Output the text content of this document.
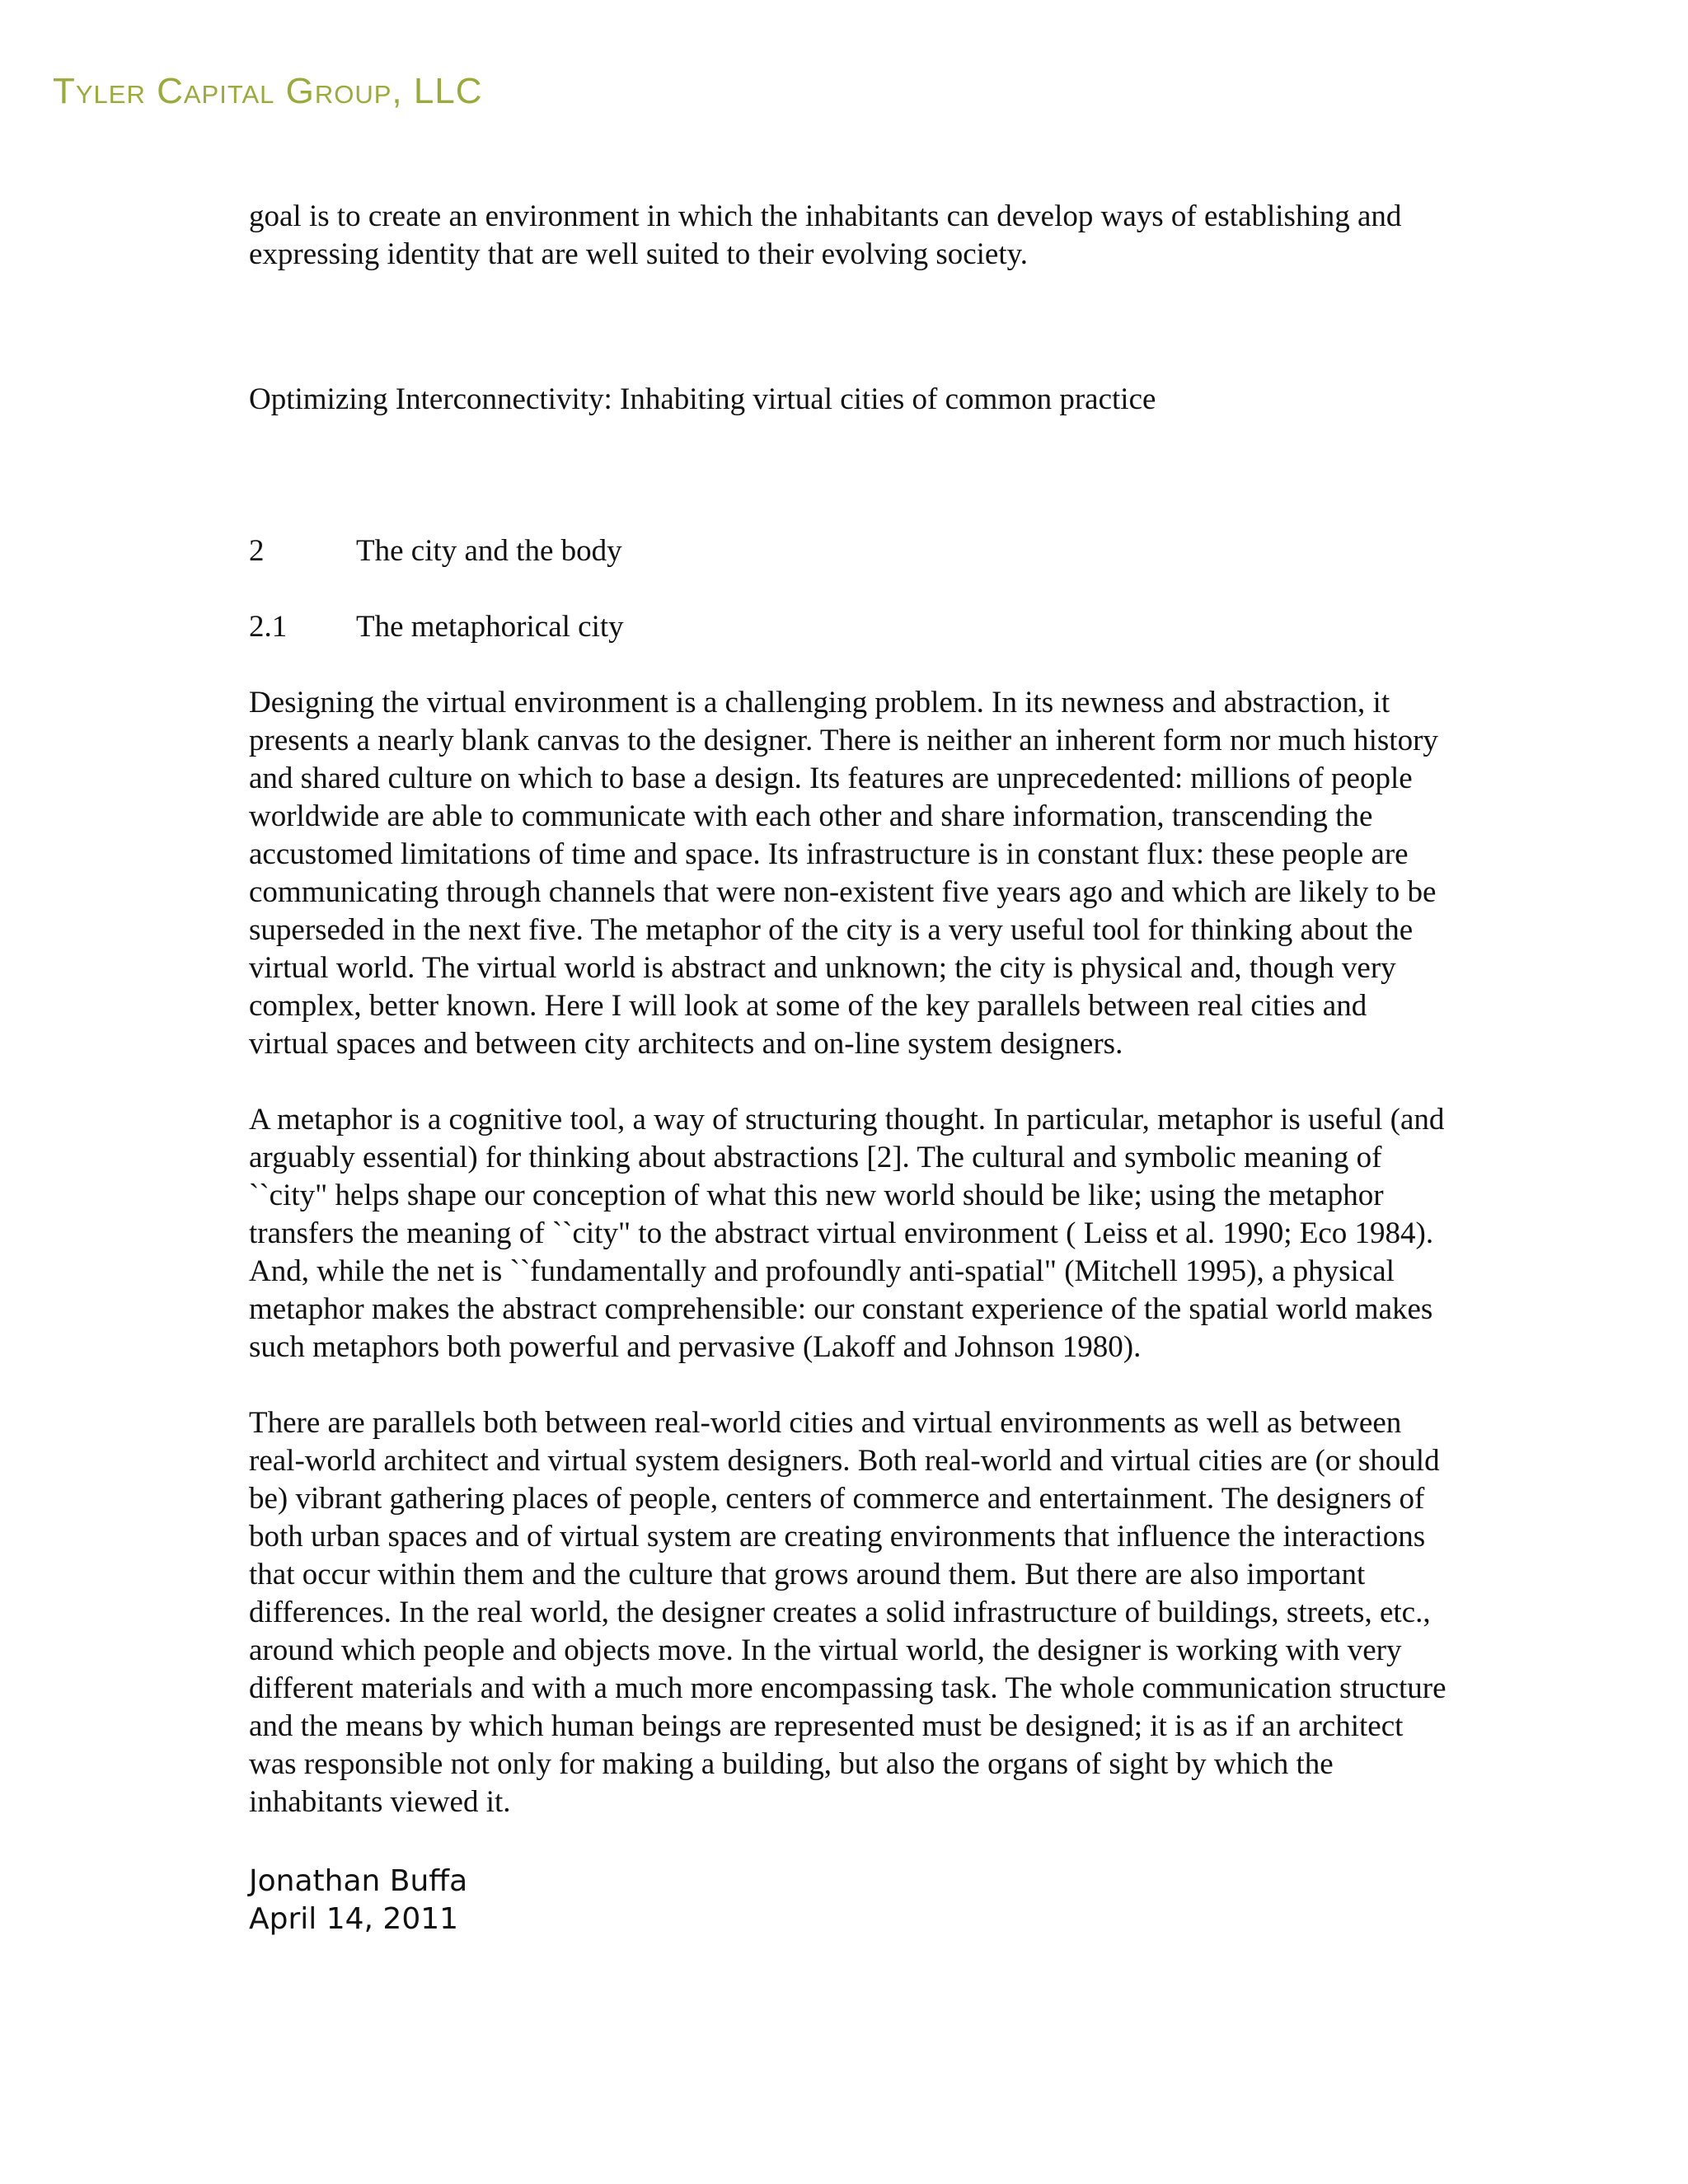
Tyler Capital Group, LLC

goal is to create an environment in which the inhabitants can develop ways of establishing and expressing identity that are well suited to their evolving society.

Optimizing Interconnectivity: Inhabiting virtual cities of common practice

2	The city and the body
2.1	The metaphorical city

Designing the virtual environment is a challenging problem. In its newness and abstraction, it presents a nearly blank canvas to the designer. There is neither an inherent form nor much history and shared culture on which to base a design. Its features are unprecedented: millions of people worldwide are able to communicate with each other and share information, transcending the accustomed limitations of time and space. Its infrastructure is in constant flux: these people are communicating through channels that were non-existent five years ago and which are likely to be superseded in the next five. The metaphor of the city is a very useful tool for thinking about the virtual world. The virtual world is abstract and unknown; the city is physical and, though very complex, better known. Here I will look at some of the key parallels between real cities and virtual spaces and between city architects and on-line system designers.

A metaphor is a cognitive tool, a way of structuring thought. In particular, metaphor is useful (and arguably essential) for thinking about abstractions [2]. The cultural and symbolic meaning of ``city" helps shape our conception of what this new world should be like; using the metaphor transfers the meaning of ``city" to the abstract virtual environment ( Leiss et al. 1990; Eco 1984). And, while the net is ``fundamentally and profoundly anti-spatial" (Mitchell 1995), a physical metaphor makes the abstract comprehensible: our constant experience of the spatial world makes such metaphors both powerful and pervasive (Lakoff and Johnson 1980).

There are parallels both between real-world cities and virtual environments as well as between real-world architect and virtual system designers. Both real-world and virtual cities are (or should be) vibrant gathering places of people, centers of commerce and entertainment. The designers of both urban spaces and of virtual system are creating environments that influence the interactions that occur within them and the culture that grows around them. But there are also important differences. In the real world, the designer creates a solid infrastructure of buildings, streets, etc., around which people and objects move. In the virtual world, the designer is working with very different materials and with a much more encompassing task. The whole communication structure and the means by which human beings are represented must be designed; it is as if an architect was responsible not only for making a building, but also the organs of sight by which the inhabitants viewed it.

Jonathan Buffa
April 14, 2011
